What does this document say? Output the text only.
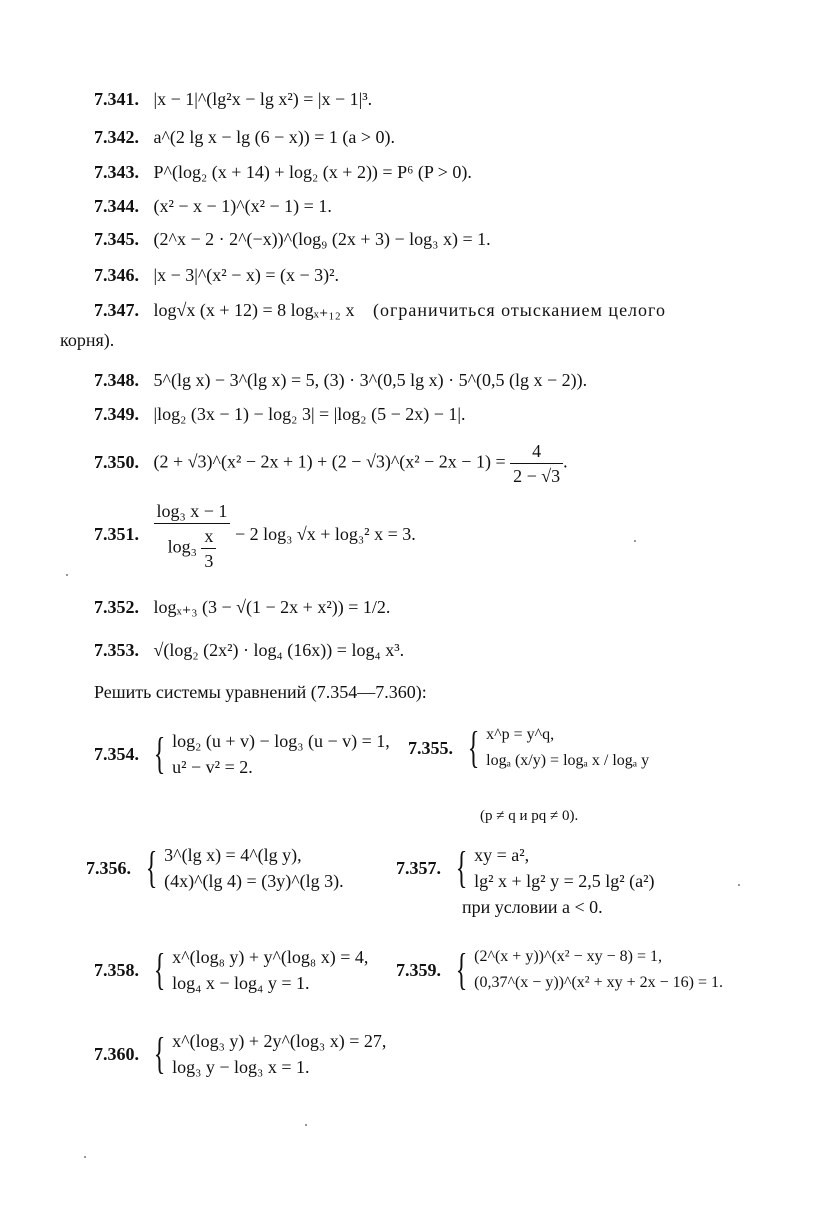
7.341. |x − 1|^(lg²x − lg x²) = |x − 1|³.
7.342. a^(2 lg x − lg (6 − x)) = 1 (a > 0).
7.343. P^(log₂ (x + 14) + log₂ (x + 2)) = P⁶ (P > 0).
7.344. (x² − x − 1)^(x² − 1) = 1.
7.345. (2^x − 2 · 2^(−x))^(log₉ (2x + 3) − log₃ x) = 1.
7.346. |x − 3|^(x² − x) = (x − 3)².
7.347. log√x (x + 12) = 8 logₓ₊₁₂ x (ограничиться отысканием целого
корня).
7.348. 5^(lg x) − 3^(lg x) = 5, (3) · 3^(0,5 lg x) · 5^(0,5 (lg x − 2)).
7.349. |log₂ (3x − 1) − log₂ 3| = |log₂ (5 − 2x) − 1|.
7.350. (2 + √3)^(x² − 2x + 1) + (2 − √3)^(x² − $2x - 1) = \frac{4}{2 - √3}$ .
7.351. $\frac{\text{log₃ x − 1}}{\log_3 \frac{x}{3}} - 2$ log₃ √x + log₃² x = 3.
7.352. logₓ₊₃ (3 − √(1 − 2x + x²)) = 1/2.
7.353. √(log₂ (2x²) · log₄ (16x)) = log₄ x³.
Решить системы уравнений (7.354—7.360):
7.354. { log₂ (u + v) − log₃ (u − v) = 1,
u² − v² = 2.
7.355. { x^p = y^q,
logₐ (x/y) = logₐ x / logₐ y
(p ≠ q и pq ≠ 0).
7.356. { 3^(lg x) = 4^(lg y),
(4x)^(lg 4) = (3y)^(lg 3).
7.357. { xy = a²,
lg² x + lg² y = 2,5 lg² (a²)
при условии a < 0.
7.358. { x^(log₈ y) + y^(log₈ x) = 4,
log₄ x − log₄ y = 1.
7.359. { (2^(x + y))^(x² − xy − 8) = 1,
(0,37^(x − y))^(x² + xy + 2x − 16) = 1.
7.360. { x^(log₃ y) + 2y^(log₃ x) = 27,
log₃ y − log₃ x = 1.
